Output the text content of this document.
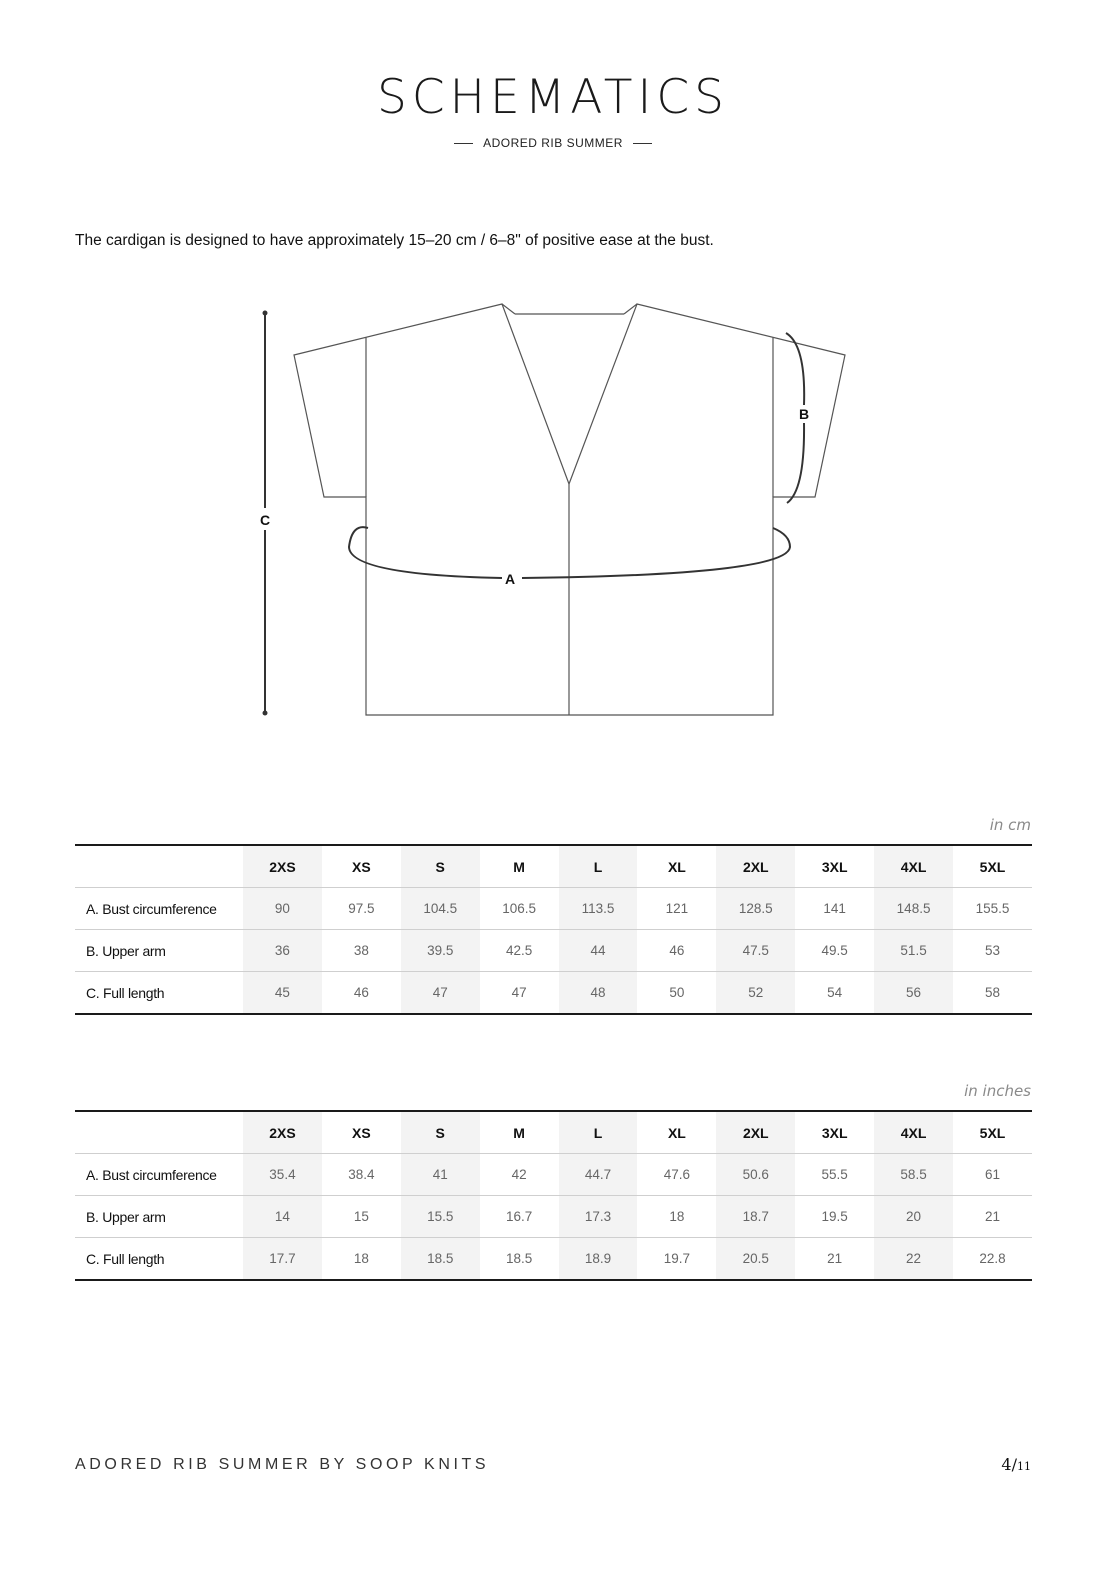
SCHEMATICS
ADORED RIB SUMMER
The cardigan is designed to have approximately 15–20 cm / 6–8" of positive ease at the bust.
A
B
C
in cm
	2XS	XS	S	M	L	XL	2XL	3XL	4XL	5XL
A. Bust circumference	90	97.5	104.5	106.5	113.5	121	128.5	141	148.5	155.5
B. Upper arm	36	38	39.5	42.5	44	46	47.5	49.5	51.5	53
C. Full length	45	46	47	47	48	50	52	54	56	58
in inches
	2XS	XS	S	M	L	XL	2XL	3XL	4XL	5XL
A. Bust circumference	35.4	38.4	41	42	44.7	47.6	50.6	55.5	58.5	61
B. Upper arm	14	15	15.5	16.7	17.3	18	18.7	19.5	20	21
C. Full length	17.7	18	18.5	18.5	18.9	19.7	20.5	21	22	22.8
ADORED RIB SUMMER BY SOOP KNITS	4/11
